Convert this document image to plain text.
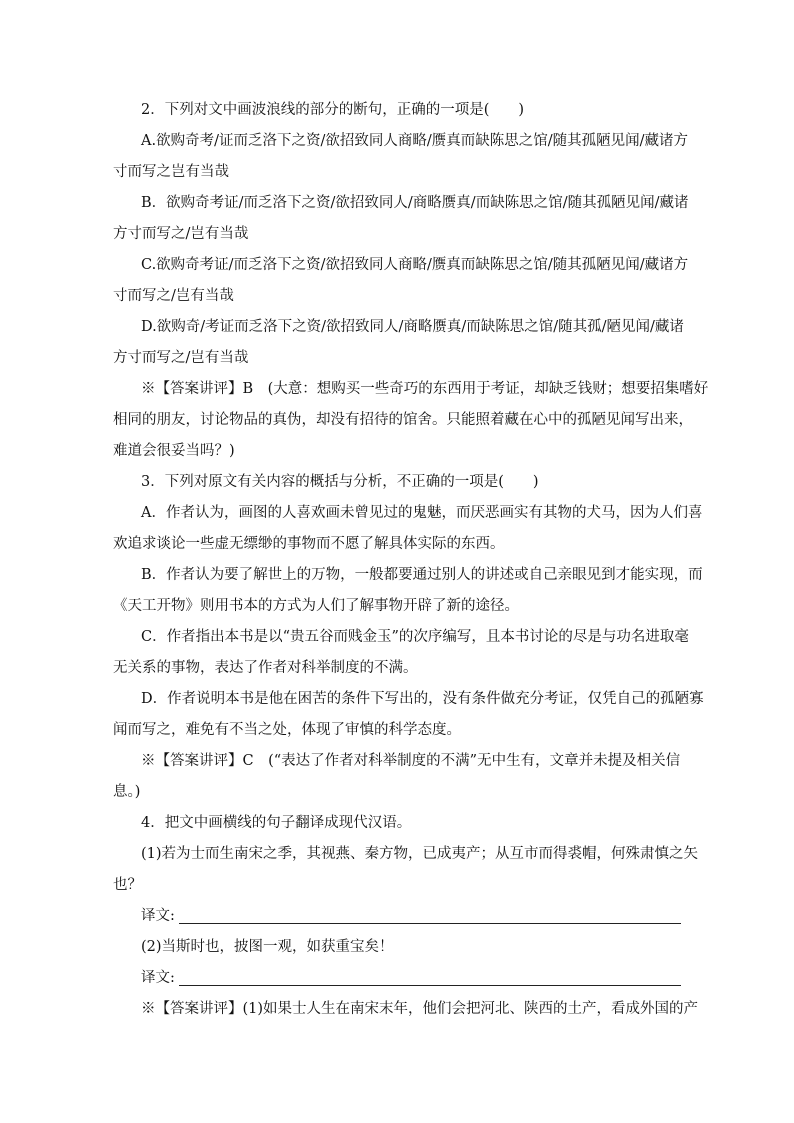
2．下列对文中画波浪线的部分的断句，正确的一项是(　　)
A.欲购奇考/证而乏洛下之资/欲招致同人商略/赝真而缺陈思之馆/随其孤陋见闻/藏诸方
寸而写之岂有当哉
B．欲购奇考证/而乏洛下之资/欲招致同人/商略赝真/而缺陈思之馆/随其孤陋见闻/藏诸
方寸而写之/岂有当哉
C.欲购奇考证/而乏洛下之资/欲招致同人商略/赝真而缺陈思之馆/随其孤陋见闻/藏诸方
寸而写之/岂有当哉
D.欲购奇/考证而乏洛下之资/欲招致同人/商略赝真/而缺陈思之馆/随其孤/陋见闻/藏诸
方寸而写之/岂有当哉
※【答案讲评】B　(大意：想购买一些奇巧的东西用于考证，却缺乏钱财；想要招集嗜好
相同的朋友，讨论物品的真伪，却没有招待的馆舍。只能照着藏在心中的孤陋见闻写出来，
难道会很妥当吗？)
3．下列对原文有关内容的概括与分析，不正确的一项是(　　)
A．作者认为，画图的人喜欢画未曾见过的鬼魅，而厌恶画实有其物的犬马，因为人们喜
欢追求谈论一些虚无缥缈的事物而不愿了解具体实际的东西。
B．作者认为要了解世上的万物，一般都要通过别人的讲述或自己亲眼见到才能实现，而
《天工开物》则用书本的方式为人们了解事物开辟了新的途径。
C．作者指出本书是以“贵五谷而贱金玉”的次序编写，且本书讨论的尽是与功名进取毫
无关系的事物，表达了作者对科举制度的不满。
D．作者说明本书是他在困苦的条件下写出的，没有条件做充分考证，仅凭自己的孤陋寡
闻而写之，难免有不当之处，体现了审慎的科学态度。
※【答案讲评】C　(“表达了作者对科举制度的不满”无中生有，文章并未提及相关信
息。)
4．把文中画横线的句子翻译成现代汉语。
(1)若为士而生南宋之季，其视燕、秦方物，已成夷产；从互市而得裘帽，何殊肃慎之矢
也？
译文:
(2)当斯时也，披图一观，如获重宝矣！
译文:
※【答案讲评】(1)如果士人生在南宋末年，他们会把河北、陕西的土产，看成外国的产
